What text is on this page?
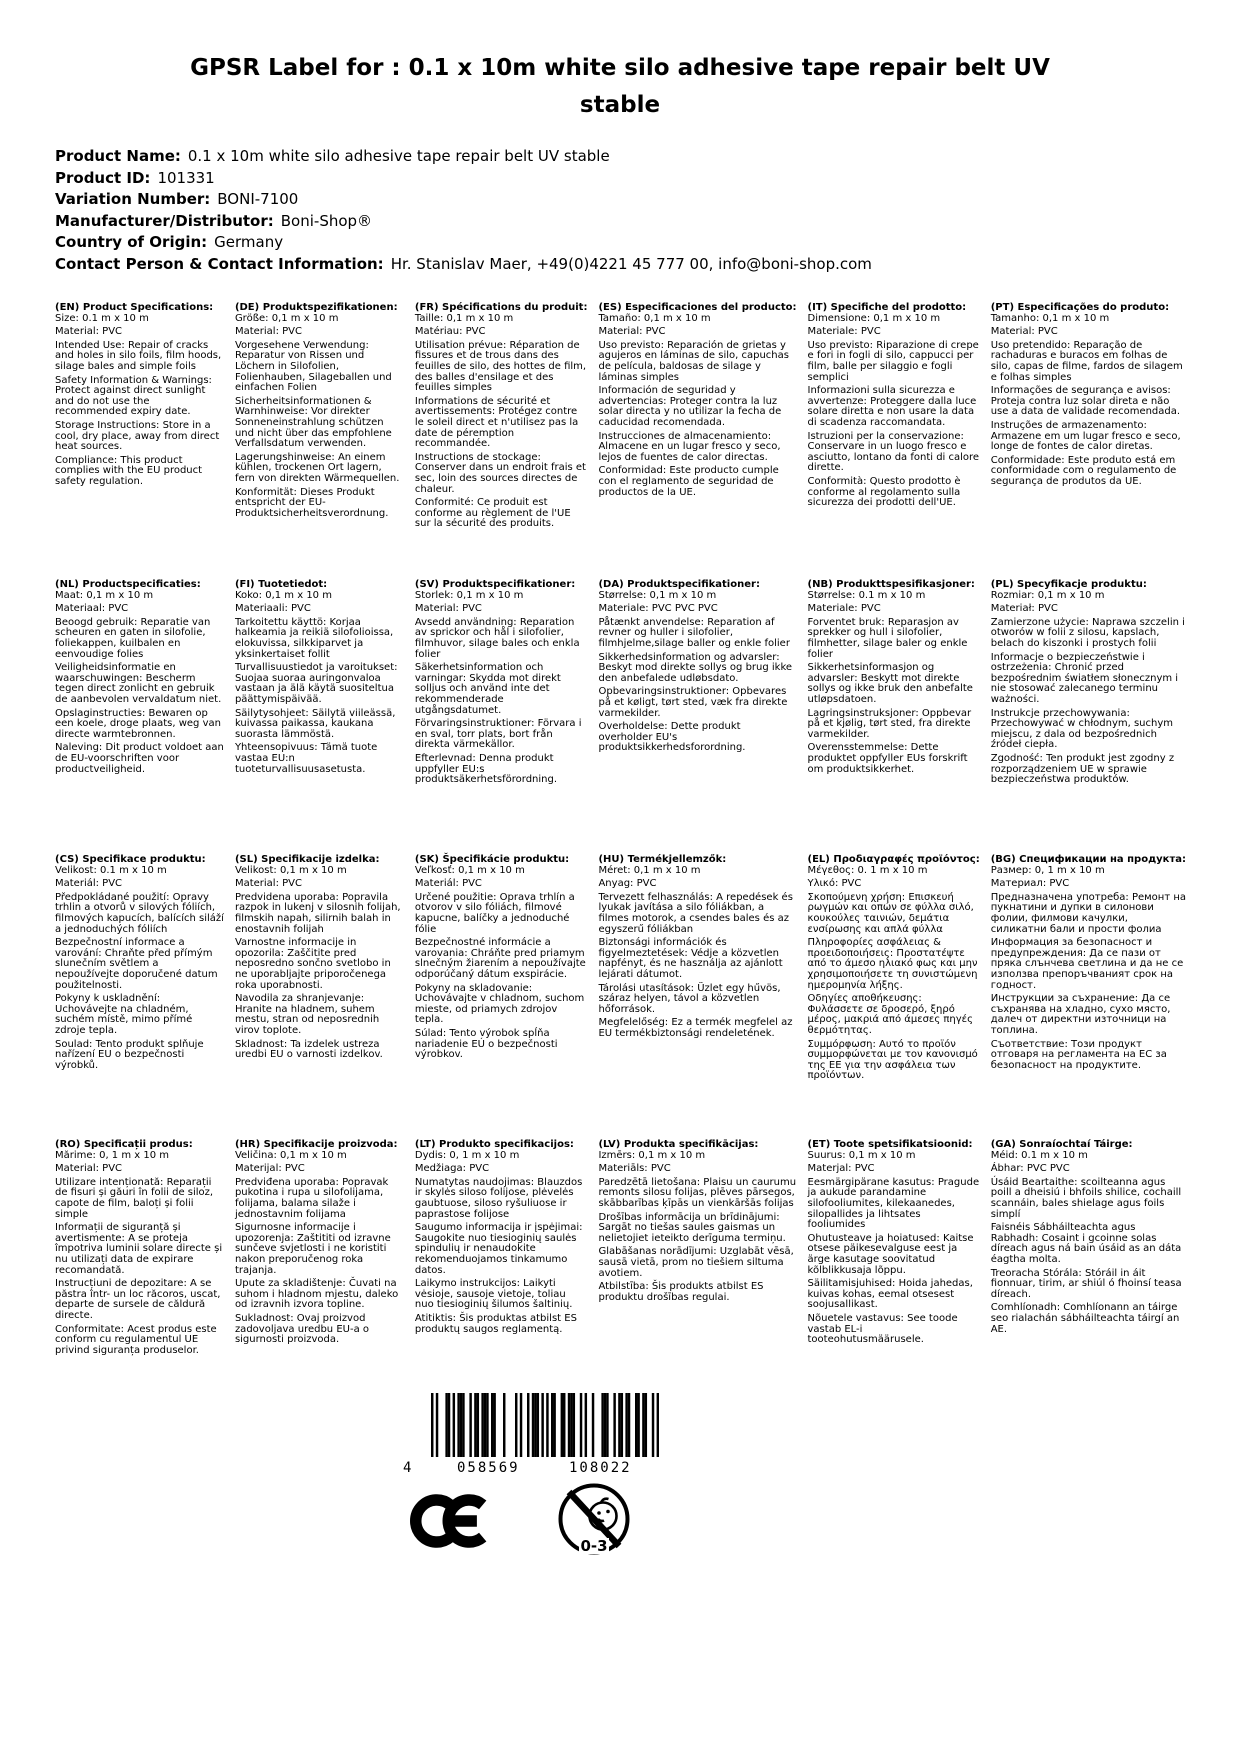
GPSR Label for : 0.1 x 10m white silo adhesive tape repair belt UV stable
Product Name: 0.1 x 10m white silo adhesive tape repair belt UV stable
Product ID: 101331
Variation Number: BONI-7100
Manufacturer/Distributor: Boni-Shop®
Country of Origin: Germany
Contact Person & Contact Information: Hr. Stanislav Maer, +49(0)4221 45 777 00, info@boni-shop.com
(EN) Product Specifications:

Size: 0.1 m x 10 m

Material: PVC

Intended Use: Repair of cracks and holes in silo foils, film hoods, silage bales and simple foils

Safety Information & Warnings: Protect against direct sunlight and do not use the recommended expiry date.

Storage Instructions: Store in a cool, dry place, away from direct heat sources.

Compliance: This product complies with the EU product safety regulation.

(DE) Produktspezifikationen:

Größe: 0,1 m x 10 m

Material: PVC

Vorgesehene Verwendung: Reparatur von Rissen und Löchern in Silofolien, Folienhauben, Silageballen und einfachen Folien

Sicherheitsinformationen & Warnhinweise: Vor direkter Sonneneinstrahlung schützen und nicht über das empfohlene Verfallsdatum verwenden.

Lagerungshinweise: An einem kühlen, trockenen Ort lagern, fern von direkten Wärmequellen.

Konformität: Dieses Produkt entspricht der EU-Produktsicherheitsverordnung.

(FR) Spécifications du produit:

Taille: 0,1 m x 10 m

Matériau: PVC

Utilisation prévue: Réparation de fissures et de trous dans des feuilles de silo, des hottes de film, des balles d'ensilage et des feuilles simples

Informations de sécurité et avertissements: Protégez contre le soleil direct et n'utilisez pas la date de péremption recommandée.

Instructions de stockage: Conserver dans un endroit frais et sec, loin des sources directes de chaleur.

Conformité: Ce produit est conforme au règlement de l'UE sur la sécurité des produits.

(ES) Especificaciones del producto:

Tamaño: 0,1 m x 10 m

Material: PVC

Uso previsto: Reparación de grietas y agujeros en láminas de silo, capuchas de película, baldosas de silage y láminas simples

Información de seguridad y advertencias: Proteger contra la luz solar directa y no utilizar la fecha de caducidad recomendada.

Instrucciones de almacenamiento: Almacene en un lugar fresco y seco, lejos de fuentes de calor directas.

Conformidad: Este producto cumple con el reglamento de seguridad de productos de la UE.

(IT) Specifiche del prodotto:

Dimensione: 0,1 m x 10 m

Materiale: PVC

Uso previsto: Riparazione di crepe e fori in fogli di silo, cappucci per film, balle per silaggio e fogli semplici

Informazioni sulla sicurezza e avvertenze: Proteggere dalla luce solare diretta e non usare la data di scadenza raccomandata.

Istruzioni per la conservazione: Conservare in un luogo fresco e asciutto, lontano da fonti di calore dirette.

Conformità: Questo prodotto è conforme al regolamento sulla sicurezza dei prodotti dell'UE.

(PT) Especificações do produto:

Tamanho: 0,1 m x 10 m

Material: PVC

Uso pretendido: Reparação de rachaduras e buracos em folhas de silo, capas de filme, fardos de silagem e folhas simples

Informações de segurança e avisos: Proteja contra luz solar direta e não use a data de validade recomendada.

Instruções de armazenamento: Armazene em um lugar fresco e seco, longe de fontes de calor diretas.

Conformidade: Este produto está em conformidade com o regulamento de segurança de produtos da UE.

(NL) Productspecificaties:

Maat: 0,1 m x 10 m

Materiaal: PVC

Beoogd gebruik: Reparatie van scheuren en gaten in silofolie, foliekappen, kuilbalen en eenvoudige folies

Veiligheidsinformatie en waarschuwingen: Bescherm tegen direct zonlicht en gebruik de aanbevolen vervaldatum niet.

Opslaginstructies: Bewaren op een koele, droge plaats, weg van directe warmtebronnen.

Naleving: Dit product voldoet aan de EU-voorschriften voor productveiligheid.

(FI) Tuotetiedot:

Koko: 0,1 m x 10 m

Materiaali: PVC

Tarkoitettu käyttö: Korjaa halkeamia ja reikiä silofolioissa, elokuvissa, silkkiparvet ja yksinkertaiset follit

Turvallisuustiedot ja varoitukset: Suojaa suoraa auringonvaloa vastaan ja älä käytä suositeltua päättymispäivää.

Säilytysohjeet: Säilytä viileässä, kuivassa paikassa, kaukana suorasta lämmöstä.

Yhteensopivuus: Tämä tuote vastaa EU:n tuoteturvallisuusasetusta.

(SV) Produktspecifikationer:

Storlek: 0,1 m x 10 m

Material: PVC

Avsedd användning: Reparation av sprickor och hål i silofolier, filmhuvor, silage bales och enkla folier

Säkerhetsinformation och varningar: Skydda mot direkt solljus och använd inte det rekommenderade utgångsdatumet.

Förvaringsinstruktioner: Förvara i en sval, torr plats, bort från direkta värmekällor.

Efterlevnad: Denna produkt uppfyller EU:s produktsäkerhetsförordning.

(DA) Produktspecifikationer:

Størrelse: 0,1 m x 10 m

Materiale: PVC PVC PVC

Påtænkt anvendelse: Reparation af revner og huller i silofolier, filmhjelme,silage baller og enkle folier

Sikkerhedsinformation og advarsler: Beskyt mod direkte sollys og brug ikke den anbefalede udløbsdato.

Opbevaringsinstruktioner: Opbevares på et køligt, tørt sted, væk fra direkte varmekilder.

Overholdelse: Dette produkt overholder EU's produktsikkerhedsforordning.

(NB) Produkttspesifikasjoner:

Størrelse: 0.1 m x 10 m

Materiale: PVC

Forventet bruk: Reparasjon av sprekker og hull i silofolier, filmhetter, silage baler og enkle folier

Sikkerhetsinformasjon og advarsler: Beskytt mot direkte sollys og ikke bruk den anbefalte utløpsdatoen.

Lagringsinstruksjoner: Oppbevar på et kjølig, tørt sted, fra direkte varmekilder.

Overensstemmelse: Dette produktet oppfyller EUs forskrift om produktsikkerhet.

(PL) Specyfikacje produktu:

Rozmiar: 0,1 m x 10 m

Materiał: PVC

Zamierzone użycie: Naprawa szczelin i otworów w folii z silosu, kapslach, belach do kiszonki i prostych folii

Informacje o bezpieczeństwie i ostrzeżenia: Chronić przed bezpośrednim światłem słonecznym i nie stosować zalecanego terminu ważności.

Instrukcje przechowywania: Przechowywać w chłodnym, suchym miejscu, z dala od bezpośrednich źródeł ciepła.

Zgodność: Ten produkt jest zgodny z rozporządzeniem UE w sprawie bezpieczeństwa produktów.

(CS) Specifikace produktu:

Velikost: 0.1 m x 10 m

Materiál: PVC

Předpokládané použití: Opravy trhlin a otvorů v silových fóliích, filmových kapucích, balících siláží a jednoduchých fóliích

Bezpečnostní informace a varování: Chraňte před přímým slunečním světlem a nepoužívejte doporučené datum použitelnosti.

Pokyny k uskladnění: Uchovávejte na chladném, suchém místě, mimo přímé zdroje tepla.

Soulad: Tento produkt splňuje nařízení EU o bezpečnosti výrobků.

(SL) Specifikacije izdelka:

Velikost: 0,1 m x 10 m

Material: PVC

Predvidena uporaba: Popravila razpok in lukenj v silosnih folijah, filmskih napah, silirnih balah in enostavnih folijah

Varnostne informacije in opozorila: Zaščitite pred neposredno sončno svetlobo in ne uporabljajte priporočenega roka uporabnosti.

Navodila za shranjevanje: Hranite na hladnem, suhem mestu, stran od neposrednih virov toplote.

Skladnost: Ta izdelek ustreza uredbi EU o varnosti izdelkov.

(SK) Špecifikácie produktu:

Veľkosť: 0,1 m x 10 m

Materiál: PVC

Určené použitie: Oprava trhlín a otvorov v silo fóliách, filmové kapucne, balíčky a jednoduché fólie

Bezpečnostné informácie a varovania: Chráňte pred priamym slnečným žiarením a nepoužívajte odporúčaný dátum exspirácie.

Pokyny na skladovanie: Uchovávajte v chladnom, suchom mieste, od priamych zdrojov tepla.

Súlad: Tento výrobok spĺňa nariadenie EÚ o bezpečnosti výrobkov.

(HU) Termékjellemzők:

Méret: 0,1 m x 10 m

Anyag: PVC

Tervezett felhasználás: A repedések és lyukak javítása a silo fóliákban, a filmes motorok, a csendes bales és az egyszerű fóliákban

Biztonsági információk és figyelmeztetések: Védje a közvetlen napfényt, és ne használja az ajánlott lejárati dátumot.

Tárolási utasítások: Üzlet egy hűvös, száraz helyen, távol a közvetlen hőforrások.

Megfelelőség: Ez a termék megfelel az EU termékbiztonsági rendeletének.

(EL) Προδιαγραφές προϊόντος:

Μέγεθος: 0. 1 m x 10 m

Υλικό: PVC

Σκοπούμενη χρήση: Επισκευή ρωγμών και οπών σε φύλλα σιλό, κουκούλες ταινιών, δεμάτια ενσίρωσης και απλά φύλλα

Πληροφορίες ασφάλειας & προειδοποιήσεις: Προστατέψτε από το άμεσο ηλιακό φως και μην χρησιμοποιήσετε τη συνιστώμενη ημερομηνία λήξης.

Οδηγίες αποθήκευσης: Φυλάσσετε σε δροσερό, ξηρό μέρος, μακριά από άμεσες πηγές θερμότητας.

Συμμόρφωση: Αυτό το προϊόν συμμορφώνεται με τον κανονισμό της ΕΕ για την ασφάλεια των προϊόντων.

(BG) Спецификации на продукта:

Размер: 0, 1 m x 10 m

Материал: PVC

Предназначена употреба: Ремонт на пукнатини и дупки в силонови фолии, филмови качулки, силикатни бали и прости фолиа

Информация за безопасност и предупреждения: Да се пази от пряка слънчева светлина и да не се използва препоръчваният срок на годност.

Инструкции за съхранение: Да се съхранява на хладно, сухо място, далеч от директни източници на топлина.

Съответствие: Този продукт отговаря на регламента на ЕС за безопасност на продуктите.

(RO) Specificații produs:

Mărime: 0, 1 m x 10 m

Material: PVC

Utilizare intenționată: Reparații de fisuri și găuri în folii de siloz, capote de film, baloți și folii simple

Informații de siguranță și avertismente: A se proteja împotriva luminii solare directe și nu utilizați data de expirare recomandată.

Instrucțiuni de depozitare: A se păstra într- un loc răcoros, uscat, departe de sursele de căldură directe.

Conformitate: Acest produs este conform cu regulamentul UE privind siguranța produselor.

(HR) Specifikacije proizvoda:

Veličina: 0,1 m x 10 m

Materijal: PVC

Predviđena uporaba: Popravak pukotina i rupa u silofolijama, folijama, balama silaže i jednostavnim folijama

Sigurnosne informacije i upozorenja: Zaštititi od izravne sunčeve svjetlosti i ne koristiti nakon preporučenog roka trajanja.

Upute za skladištenje: Čuvati na suhom i hladnom mjestu, daleko od izravnih izvora topline.

Sukladnost: Ovaj proizvod zadovoljava uredbu EU-a o sigurnosti proizvoda.

(LT) Produkto specifikacijos:

Dydis: 0, 1 m x 10 m

Medžiaga: PVC

Numatytas naudojimas: Blauzdos ir skylės siloso folijose, plėvelės gaubtuose, siloso ryšuliuose ir paprastose folijose

Saugumo informacija ir įspėjimai: Saugokite nuo tiesioginių saulės spindulių ir nenaudokite rekomenduojamos tinkamumo datos.

Laikymo instrukcijos: Laikyti vėsioje, sausoje vietoje, toliau nuo tiesioginių šilumos šaltinių.

Atitiktis: Šis produktas atbilst ES produktų saugos reglamentą.

(LV) Produkta specifikācijas:

Izmērs: 0,1 m x 10 m

Materiāls: PVC

Paredzētā lietošana: Plaisu un caurumu remonts silosu folijas, plēves pārsegos, skābbarības ķīpās un vienkāršās folijas

Drošības informācija un brīdinājumi: Sargāt no tiešas saules gaismas un nelietojiet ieteikto derīguma termiņu.

Glabāšanas norādījumi: Uzglabāt vēsā, sausā vietā, prom no tiešiem siltuma avotiem.

Atbilstība: Šis produkts atbilst ES produktu drošības regulai.

(ET) Toote spetsifikatsioonid:

Suurus: 0,1 m x 10 m

Materjal: PVC

Eesmärgipärane kasutus: Pragude ja aukude parandamine silofooliumites, kilekaanedes, silopallides ja lihtsates fooliumides

Ohutusteave ja hoiatused: Kaitse otsese päikesevalguse eest ja ärge kasutage soovitatud kõlblikkusaja lõppu.

Säilitamisjuhised: Hoida jahedas, kuivas kohas, eemal otsesest soojusallikast.

Nõuetele vastavus: See toode vastab EL-i tooteohutusmäärusele.

(GA) Sonraíochtaí Táirge:

Méid: 0.1 m x 10 m

Ábhar: PVC PVC

Úsáid Beartaithe: scoilteanna agus poill a dheisiú i bhfoils shilice, cochaill scannáin, bales shielage agus foils simplí

Faisnéis Sábháilteachta agus Rabhadh: Cosaint i gcoinne solas díreach agus ná bain úsáid as an dáta éagtha molta.

Treoracha Stórála: Stóráil in áit fionnuar, tirim, ar shiúl ó fhoinsí teasa díreach.

Comhlíonadh: Comhlíonann an táirge seo rialachán sábháilteachta táirgí an AE.

4	058569	108022
0-3
